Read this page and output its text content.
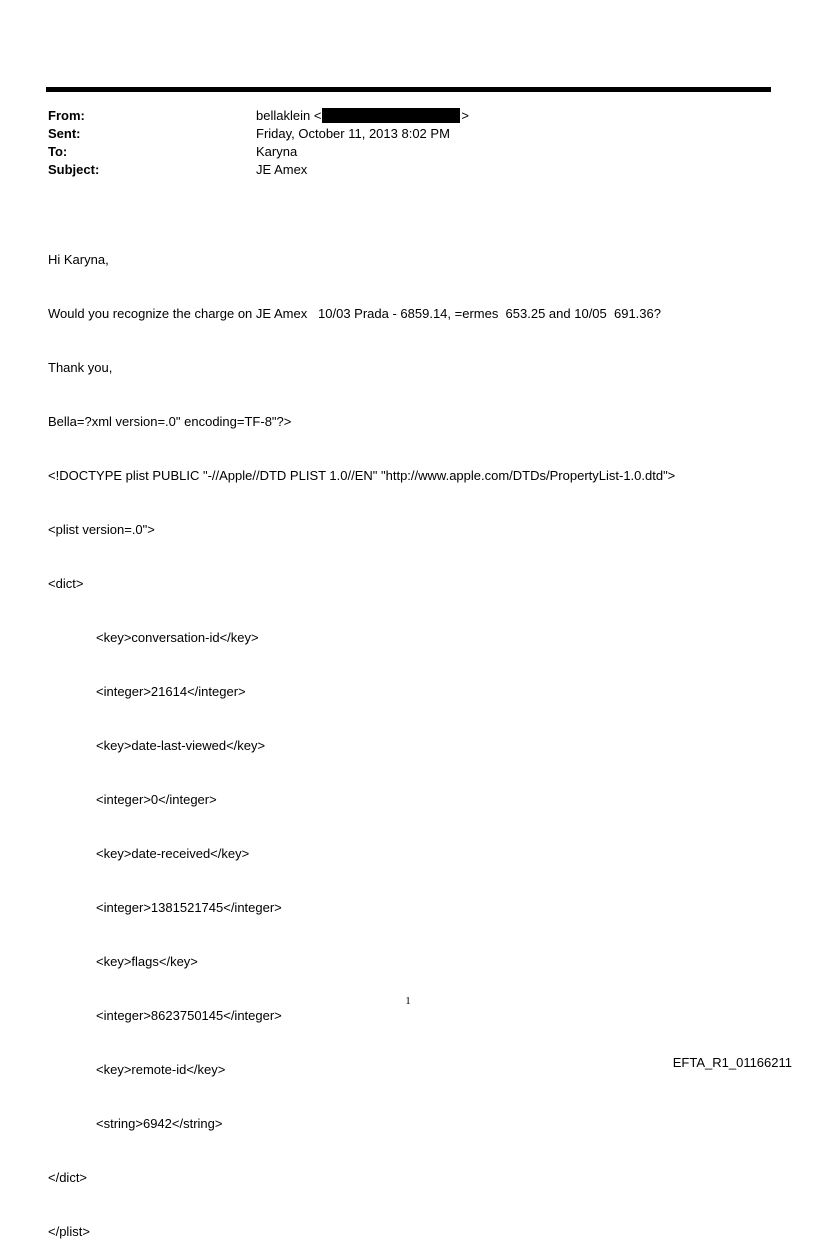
From:	bellaklein <	>
Sent:	Friday, October 11, 2013 8:02 PM
To:	Karyna
Subject:	JE Amex

Hi Karyna,

Would you recognize the charge on JE Amex   10/03 Prada - 6859.14, =ermes  653.25 and 10/05  691.36?

Thank you,

Bella=?xml version=.0" encoding=TF-8"?>

<!DOCTYPE plist PUBLIC "-//Apple//DTD PLIST 1.0//EN" "http://www.apple.com/DTDs/PropertyList-1.0.dtd">

<plist version=.0">

<dict>

<key>conversation-id</key>

<integer>21614</integer>

<key>date-last-viewed</key>

<integer>0</integer>

<key>date-received</key>

<integer>1381521745</integer>

<key>flags</key>

<integer>8623750145</integer>

<key>remote-id</key>

<string>6942</string>

</dict>

</plist>

1
EFTA_R1_01166211
